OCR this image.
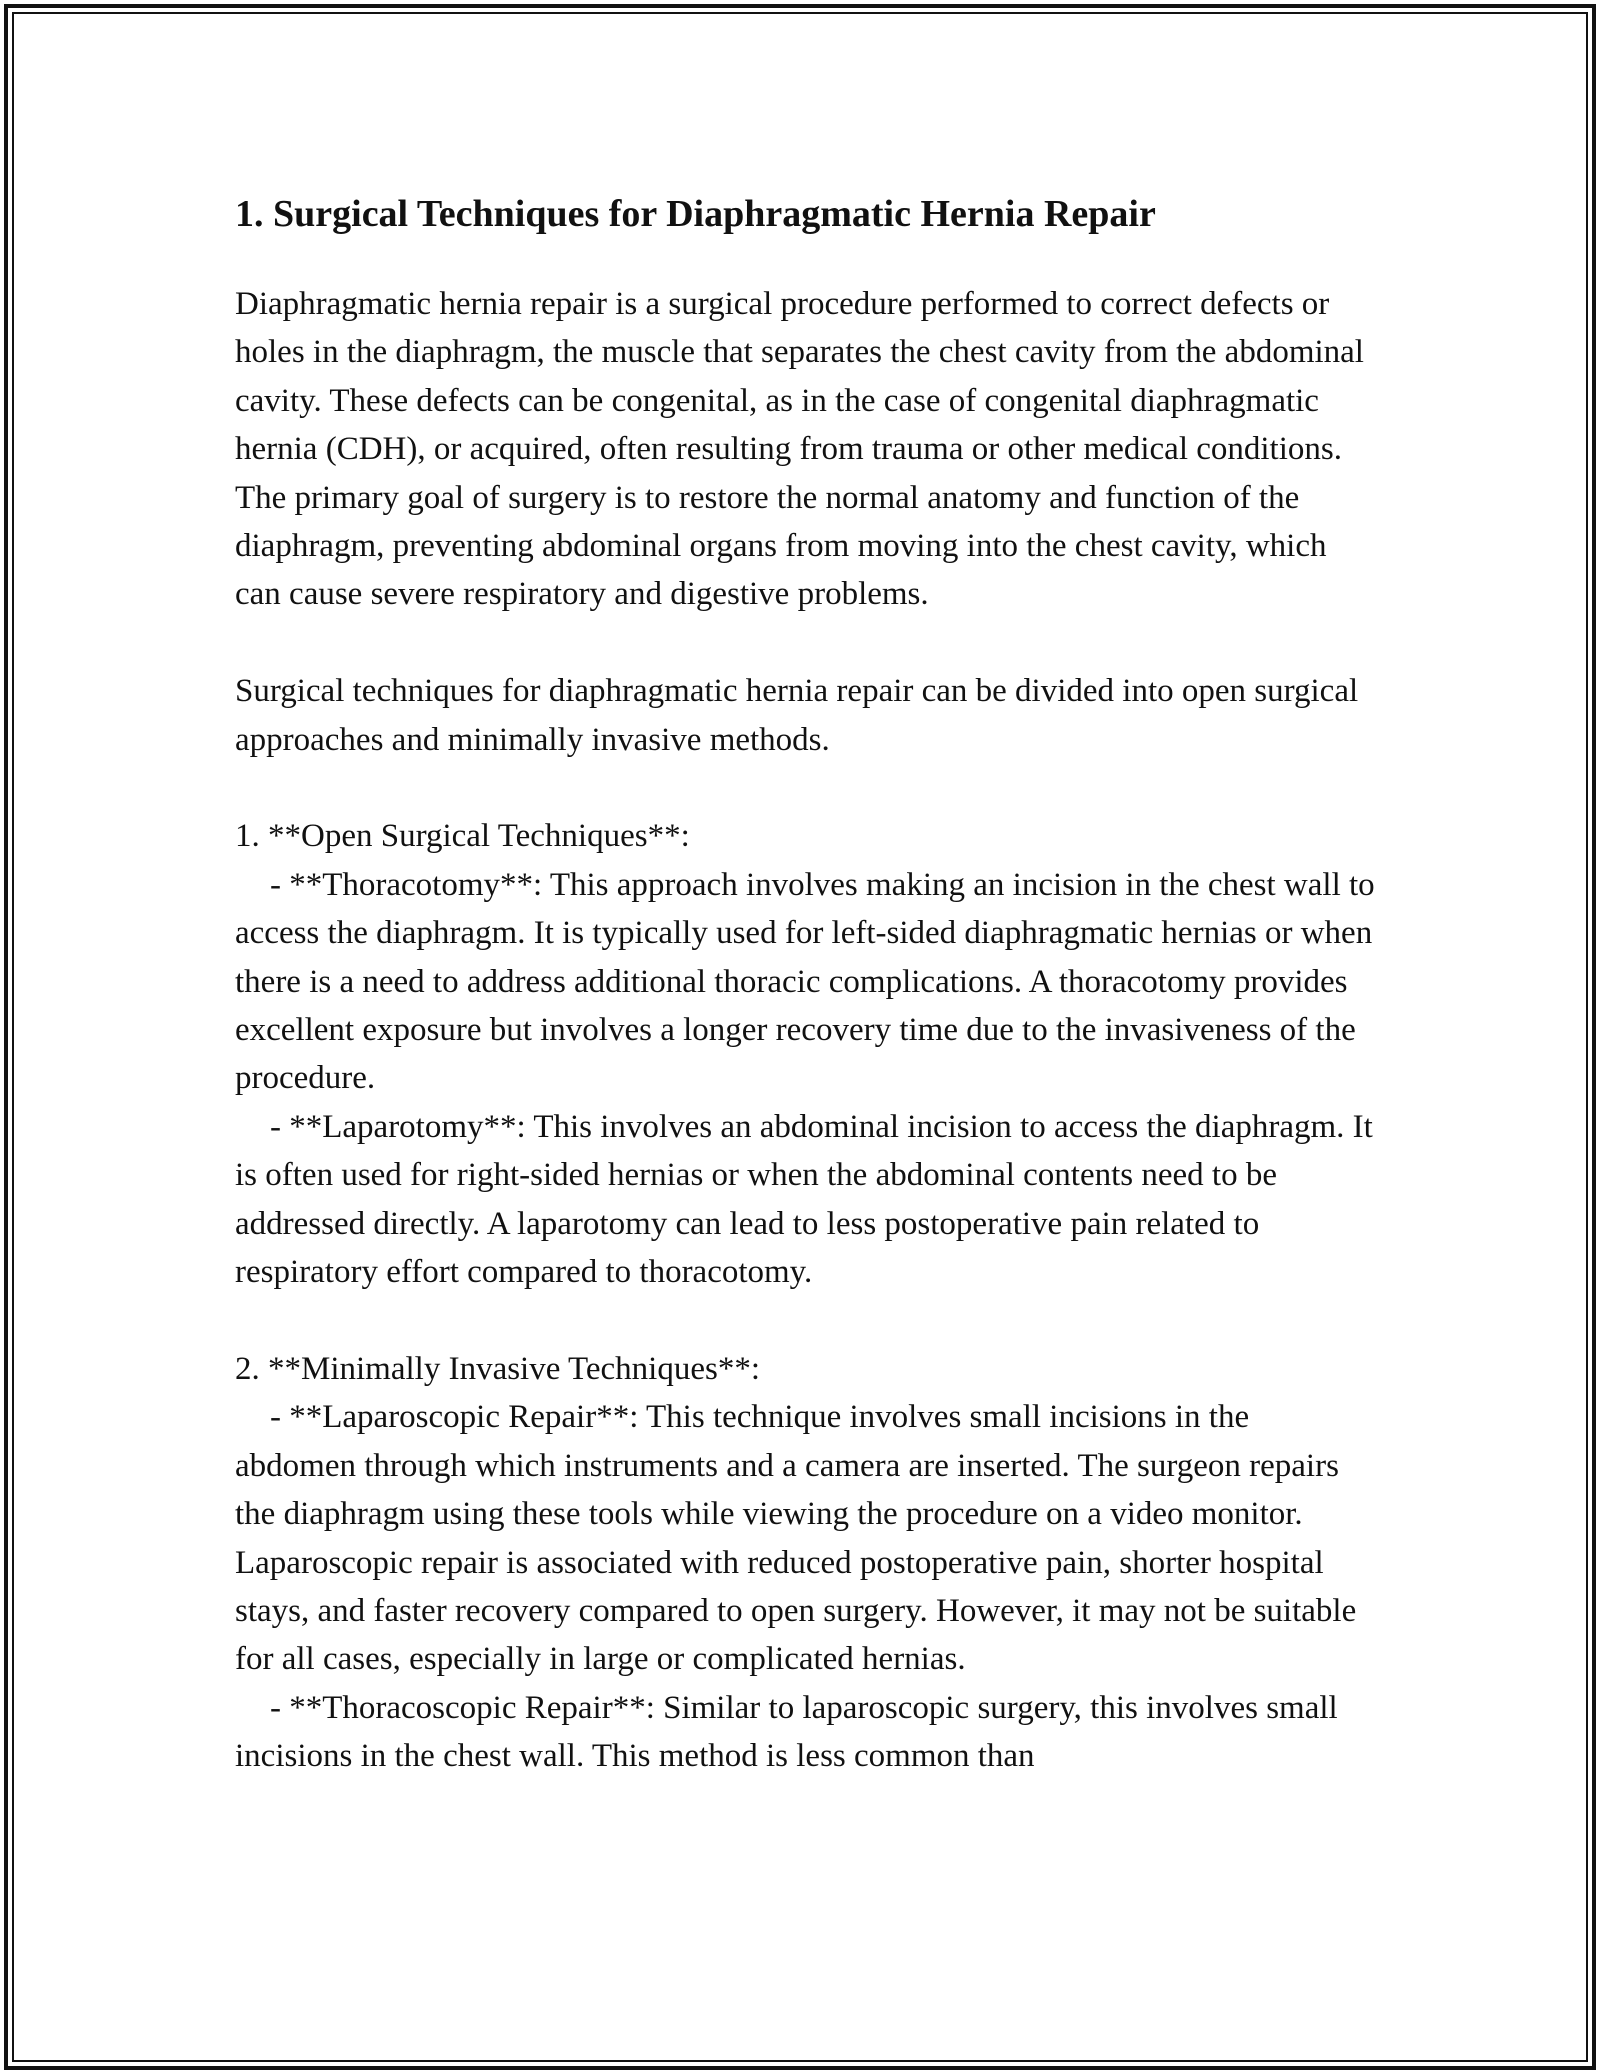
1. Surgical Techniques for Diaphragmatic Hernia Repair

Diaphragmatic hernia repair is a surgical procedure performed to correct defects or holes in the diaphragm, the muscle that separates the chest cavity from the abdominal cavity. These defects can be congenital, as in the case of congenital diaphragmatic hernia (CDH), or acquired, often resulting from trauma or other medical conditions. The primary goal of surgery is to restore the normal anatomy and function of the diaphragm, preventing abdominal organs from moving into the chest cavity, which can cause severe respiratory and digestive problems.

Surgical techniques for diaphragmatic hernia repair can be divided into open surgical approaches and minimally invasive methods.

1. **Open Surgical Techniques**:

- **Thoracotomy**: This approach involves making an incision in the chest wall to access the diaphragm. It is typically used for left-sided diaphragmatic hernias or when there is a need to address additional thoracic complications. A thoracotomy provides excellent exposure but involves a longer recovery time due to the invasiveness of the procedure.

- **Laparotomy**: This involves an abdominal incision to access the diaphragm. It is often used for right-sided hernias or when the abdominal contents need to be addressed directly. A laparotomy can lead to less postoperative pain related to respiratory effort compared to thoracotomy.

2. **Minimally Invasive Techniques**:

- **Laparoscopic Repair**: This technique involves small incisions in the abdomen through which instruments and a camera are inserted. The surgeon repairs the diaphragm using these tools while viewing the procedure on a video monitor. Laparoscopic repair is associated with reduced postoperative pain, shorter hospital stays, and faster recovery compared to open surgery. However, it may not be suitable for all cases, especially in large or complicated hernias.

- **Thoracoscopic Repair**: Similar to laparoscopic surgery, this involves small incisions in the chest wall. This method is less common than
